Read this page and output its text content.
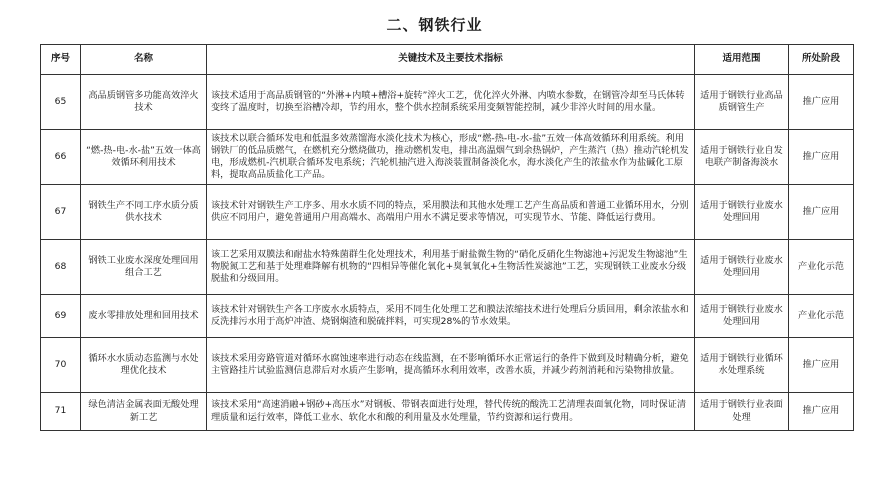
二、钢铁行业
序号	名称	关键技术及主要技术指标	适用范围	所处阶段
65	高品质钢管多功能高效淬火技术	该技术适用于高品质钢管的“外淋+内喷+槽浴+旋转”淬火工艺，优化淬火外淋、内喷水参数，在钢管冷却至马氏体转变终了温度时，切换至浴槽冷却，节约用水，整个供水控制系统采用变频智能控制，减少非淬火时间的用水量。	适用于钢铁行业高品质钢管生产	推广应用
66	“燃-热-电-水-盐”五效一体高效循环利用技术	该技术以联合循环发电和低温多效蒸馏海水淡化技术为核心，形成“燃-热-电-水-盐”五效一体高效循环利用系统。利用钢铁厂的低品质燃气，在燃机充分燃烧做功，推动燃机发电，排出高温烟气到余热锅炉，产生蒸汽（热）推动汽轮机发电，形成燃机-汽机联合循环发电系统；汽轮机抽汽进入海淡装置制备淡化水，海水淡化产生的浓盐水作为盐碱化工原料，提取高品质盐化工产品。	适用于钢铁行业自发电联产制备海淡水	推广应用
67	钢铁生产不同工序水质分质供水技术	该技术针对钢铁生产工序多、用水水质不同的特点，采用膜法和其他水处理工艺产生高品质和普通工业循环用水，分别供应不同用户，避免普通用户用高端水、高端用户用水不满足要求等情况，可实现节水、节能、降低运行费用。	适用于钢铁行业废水处理回用	推广应用
68	钢铁工业废水深度处理回用组合工艺	该工艺采用双膜法和耐盐水特殊菌群生化处理技术，利用基于耐盐微生物的“硝化反硝化生物滤池+污泥发生物滤池”生物脱氮工艺和基于处理难降解有机物的“四相异等催化氧化+臭氧氧化+生物活性炭滤池”工艺，实现钢铁工业废水分级脱盐和分级回用。	适用于钢铁行业废水处理回用	产业化示范
69	废水零排放处理和回用技术	该技术针对钢铁生产各工序废水水质特点，采用不同生化处理工艺和膜法浓缩技术进行处理后分质回用，剩余浓盐水和反洗排污水用于高炉冲渣、烧钢焖渣和脱硫拌料，可实现28%的节水效果。	适用于钢铁行业废水处理回用	产业化示范
70	循环水水质动态监测与水处理优化技术	该技术采用旁路管道对循环水腐蚀速率进行动态在线监测，在不影响循环水正常运行的条件下做到及时精确分析，避免主管路挂片试验监测信息滞后对水质产生影响，提高循环水利用效率，改善水质，并减少药剂消耗和污染物排放量。	适用于钢铁行业循环水处理系统	推广应用
71	绿色清洁金属表面无酸处理新工艺	该技术采用“高速消融+钢砂+高压水”对钢板、带钢表面进行处理，替代传统的酸洗工艺清理表面氧化物，同时保证清理质量和运行效率，降低工业水、软化水和酸的利用量及水处理量，节约资源和运行费用。	适用于钢铁行业表面处理	推广应用
